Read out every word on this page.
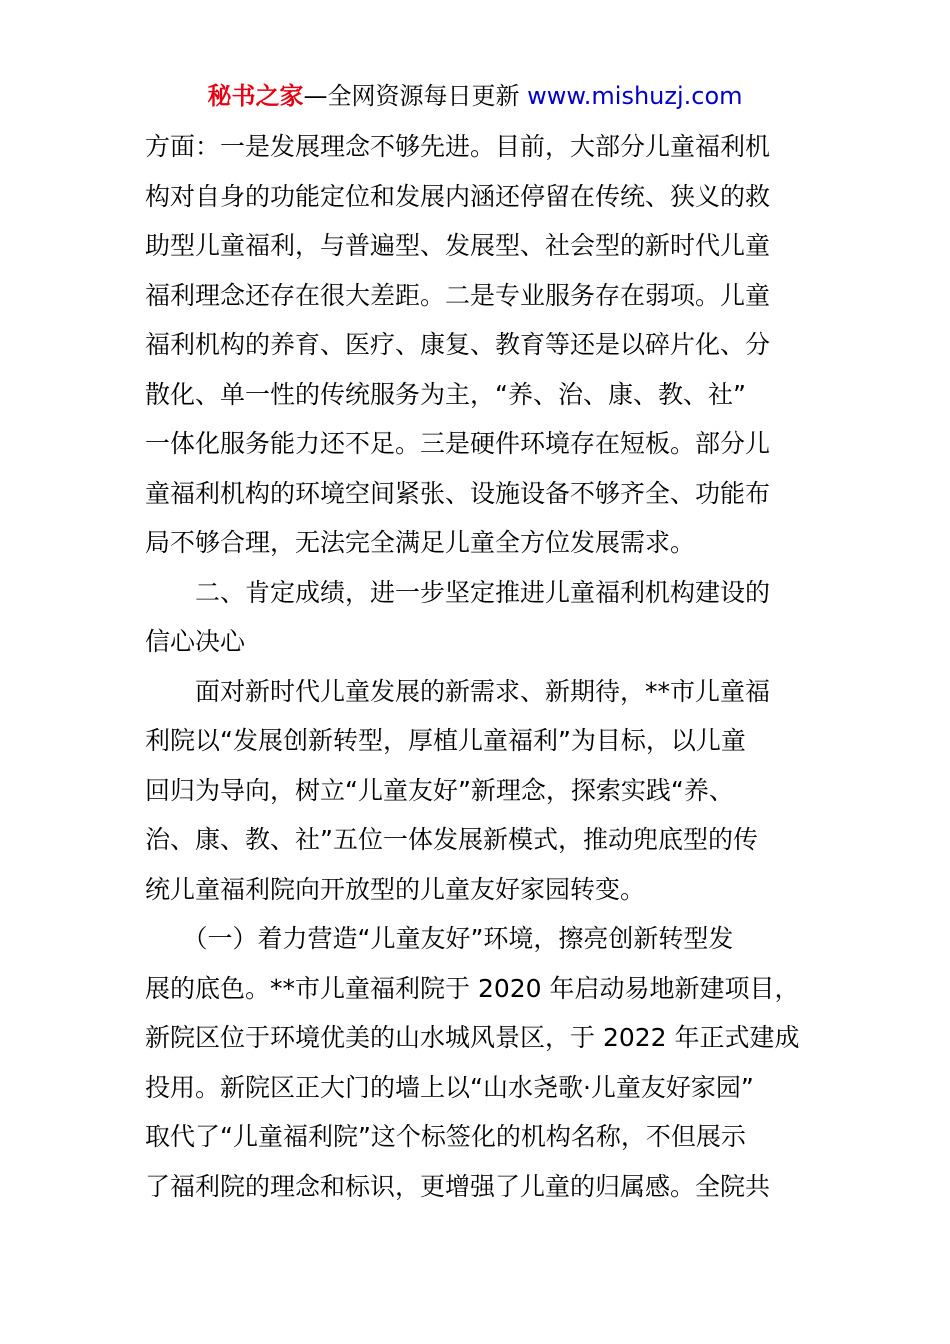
秘书之家—全网资源每日更新 www.mishuzj.com
方面：一是发展理念不够先进。目前，大部分儿童福利机
构对自身的功能定位和发展内涵还停留在传统、狭义的救
助型儿童福利，与普遍型、发展型、社会型的新时代儿童
福利理念还存在很大差距。二是专业服务存在弱项。儿童
福利机构的养育、医疗、康复、教育等还是以碎片化、分
散化、单一性的传统服务为主，“养、治、康、教、社”
一体化服务能力还不足。三是硬件环境存在短板。部分儿
童福利机构的环境空间紧张、设施设备不够齐全、功能布
局不够合理，无法完全满足儿童全方位发展需求。
　　二、肯定成绩，进一步坚定推进儿童福利机构建设的
信心决心
　　面对新时代儿童发展的新需求、新期待，**市儿童福
利院以“发展创新转型，厚植儿童福利”为目标，以儿童
回归为导向，树立“儿童友好”新理念，探索实践“养、
治、康、教、社”五位一体发展新模式，推动兜底型的传
统儿童福利院向开放型的儿童友好家园转变。
　　（一）着力营造“儿童友好”环境，擦亮创新转型发
展的底色。**市儿童福利院于 2020 年启动易地新建项目，
新院区位于环境优美的山水城风景区，于 2022 年正式建成
投用。新院区正大门的墙上以“山水尧歌·儿童友好家园”
取代了“儿童福利院”这个标签化的机构名称，不但展示
了福利院的理念和标识，更增强了儿童的归属感。全院共
